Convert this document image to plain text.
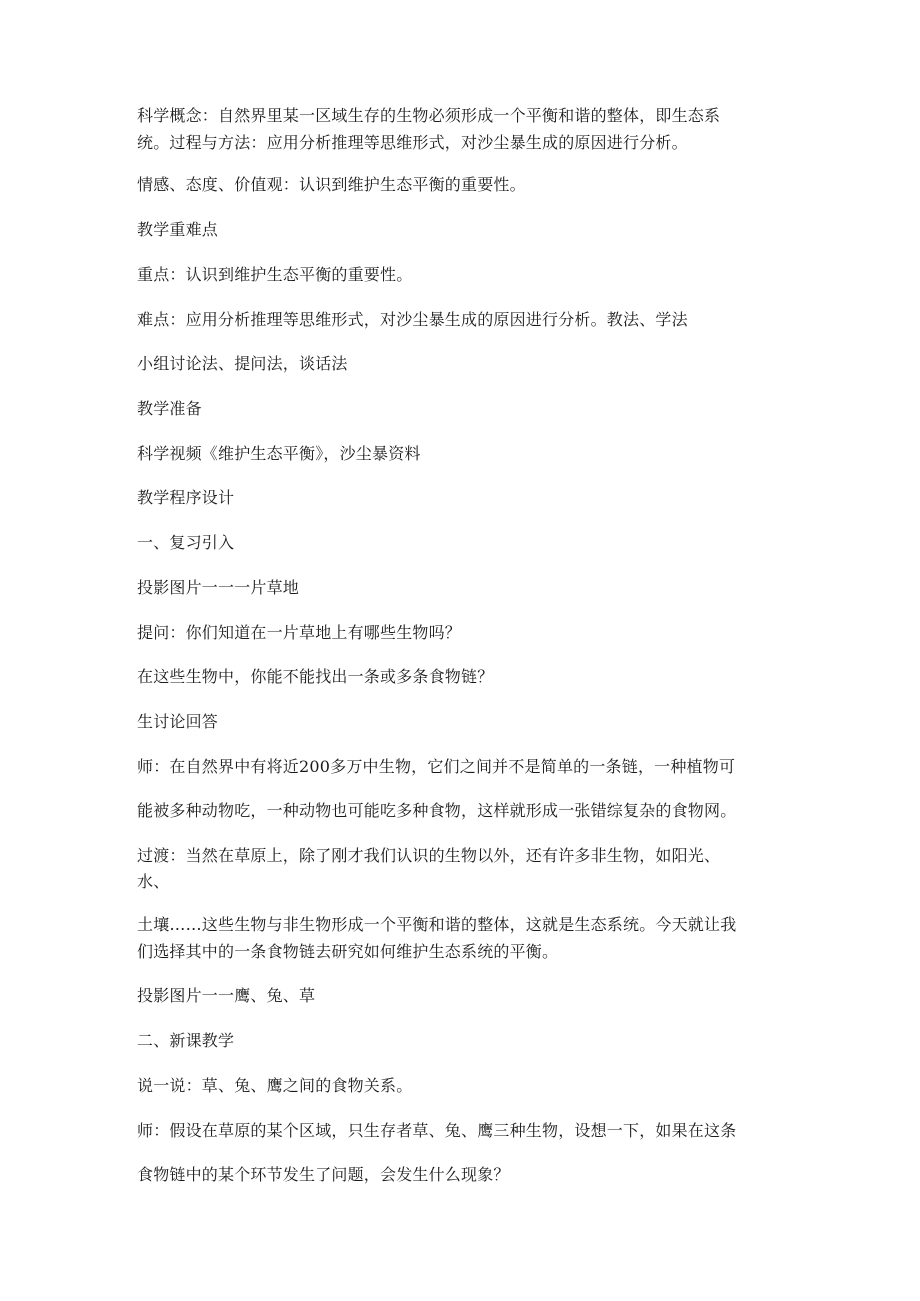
科学概念：自然界里某一区域生存的生物必须形成一个平衡和谐的整体，即生态系
统。过程与方法：应用分析推理等思维形式，对沙尘暴生成的原因进行分析。
情感、态度、价值观：认识到维护生态平衡的重要性。
教学重难点
重点：认识到维护生态平衡的重要性。
难点：应用分析推理等思维形式，对沙尘暴生成的原因进行分析。教法、学法
小组讨论法、提问法，谈话法
教学准备
科学视频《维护生态平衡》，沙尘暴资料
教学程序设计
一、复习引入
投影图片一一一片草地
提问：你们知道在一片草地上有哪些生物吗？
在这些生物中，你能不能找出一条或多条食物链？
生讨论回答
师：在自然界中有将近200多万中生物，它们之间并不是简单的一条链，一种植物可
能被多种动物吃，一种动物也可能吃多种食物，这样就形成一张错综复杂的食物网。
过渡：当然在草原上，除了刚才我们认识的生物以外，还有许多非生物，如阳光、
水、
土壤……这些生物与非生物形成一个平衡和谐的整体，这就是生态系统。今天就让我
们选择其中的一条食物链去研究如何维护生态系统的平衡。
投影图片一一鹰、兔、草
二、新课教学
说一说：草、兔、鹰之间的食物关系。
师：假设在草原的某个区域，只生存者草、兔、鹰三种生物，设想一下，如果在这条
食物链中的某个环节发生了问题，会发生什么现象？
